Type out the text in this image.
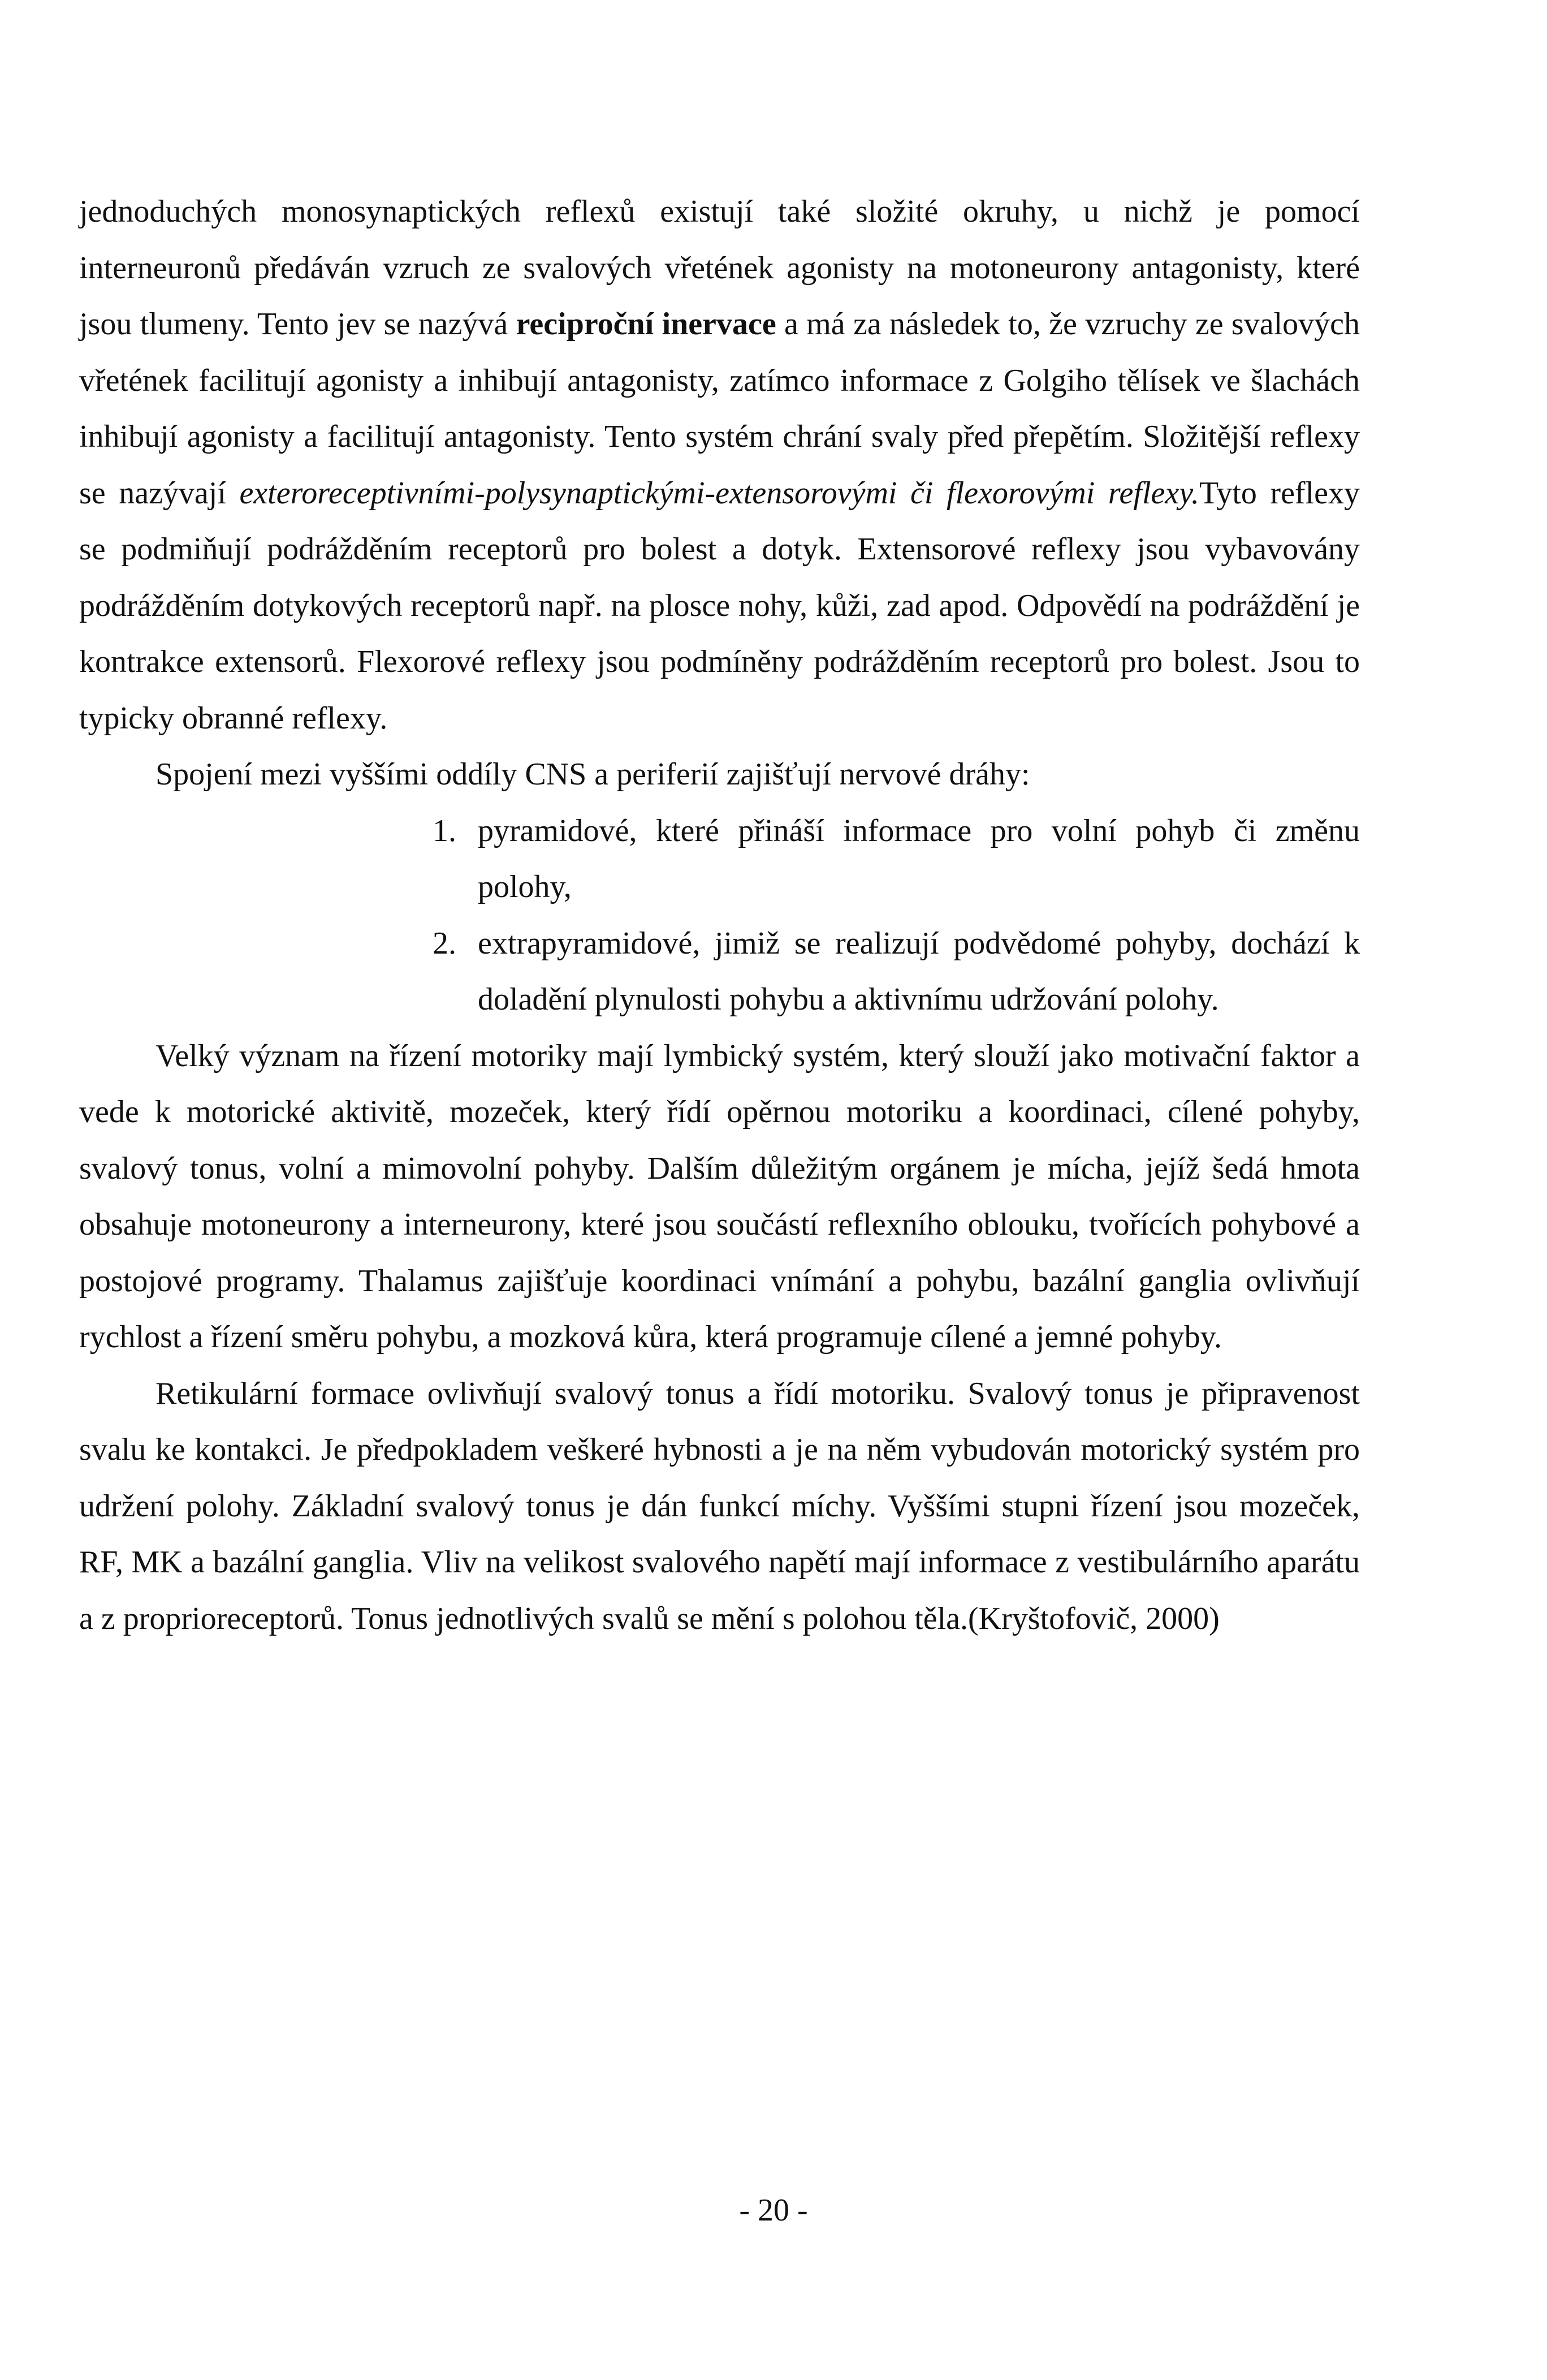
jednoduchých monosynaptických reflexů existují také složité okruhy, u nichž je pomocí interneuronů předáván vzruch ze svalových vřetének agonisty na motoneurony antagonisty, které jsou tlumeny. Tento jev se nazývá reciproční inervace a má za následek to, že vzruchy ze svalových vřetének facilitují agonisty a inhibují antagonisty, zatímco informace z Golgiho tělísek ve šlachách inhibují agonisty a facilitují antagonisty. Tento systém chrání svaly před přepětím. Složitější reflexy se nazývají exteroreceptivními-polysynaptickými-extensorovými či flexorovými reflexy.Tyto reflexy se podmiňují podrážděním receptorů pro bolest a dotyk. Extensorové reflexy jsou vybavovány podrážděním dotykových receptorů např. na plosce nohy, kůži, zad apod. Odpovědí na podráždění je kontrakce extensorů. Flexorové reflexy jsou podmíněny podrážděním receptorů pro bolest. Jsou to typicky obranné reflexy.

Spojení mezi vyššími oddíly CNS a periferií zajišťují nervové dráhy:

1. pyramidové, které přináší informace pro volní pohyb či změnu polohy,
2. extrapyramidové, jimiž se realizují podvědomé pohyby, dochází k doladění plynulosti pohybu a aktivnímu udržování polohy.

Velký význam na řízení motoriky mají lymbický systém, který slouží jako motivační faktor a vede k motorické aktivitě, mozeček, který řídí opěrnou motoriku a koordinaci, cílené pohyby, svalový tonus, volní a mimovolní pohyby. Dalším důležitým orgánem je mícha, jejíž šedá hmota obsahuje motoneurony a interneurony, které jsou součástí reflexního oblouku, tvořících pohybové a postojové programy. Thalamus zajišťuje koordinaci vnímání a pohybu, bazální ganglia ovlivňují rychlost a řízení směru pohybu, a mozková kůra, která programuje cílené a jemné pohyby.

Retikulární formace ovlivňují svalový tonus a řídí motoriku. Svalový tonus je připravenost svalu ke kontakci. Je předpokladem veškeré hybnosti a je na něm vybudován motorický systém pro udržení polohy. Základní svalový tonus je dán funkcí míchy. Vyššími stupni řízení jsou mozeček, RF, MK a bazální ganglia. Vliv na velikost svalového napětí mají informace z vestibulárního aparátu a z proprioreceptorů. Tonus jednotlivých svalů se mění s polohou těla.(Kryštofovič, 2000)

- 20 -
